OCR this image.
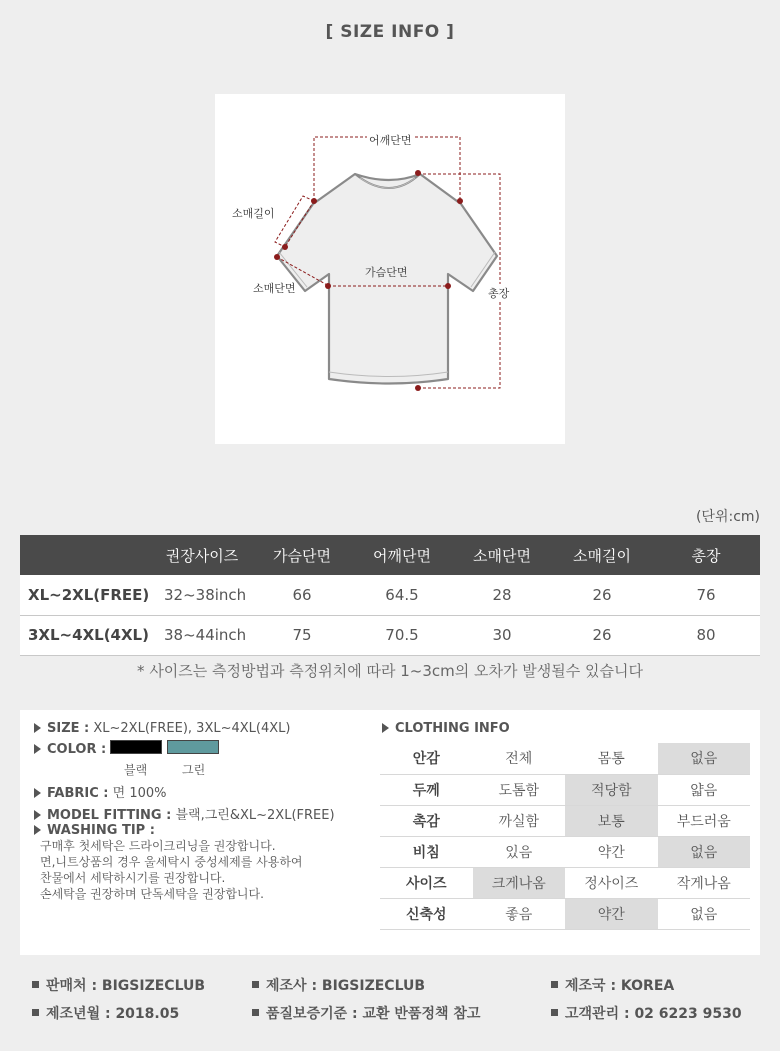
[ SIZE INFO ]
어깨단면
소매길이
가슴단면
소매단면	총장
(단위:cm)
	권장사이즈	가슴단면	어깨단면	소매단면	소매길이	총장
XL~2XL(FREE)	32~38inch	66	64.5	28	26	76
3XL~4XL(4XL)	38~44inch	75	70.5	30	26	80
* 사이즈는 측정방법과 측정위치에 따라 1~3cm의 오차가 발생될수 있습니다
SIZE : XL~2XL(FREE), 3XL~4XL(4XL)
COLOR :
블랙	그린
FABRIC : 면 100%
MODEL FITTING : 블랙,그린&XL~2XL(FREE)
WASHING TIP :
구매후 첫세탁은 드라이크리닝을 권장합니다.
면,니트상품의 경우 울세탁시 중성세제를 사용하여
찬물에서 세탁하시기를 권장합니다.
손세탁을 권장하며 단독세탁을 권장합니다.
CLOTHING INFO
안감	전체	몸통	없음
두께	도톰함	적당함	얇음
촉감	까실함	보통	부드러움
비침	있음	약간	없음
사이즈	크게나옴	정사이즈	작게나옴
신축성	좋음	약간	없음
판매처 : BIGSIZECLUB	제조사 : BIGSIZECLUB	제조국 : KOREA
제조년월 : 2018.05	품질보증기준 : 교환 반품정책 참고	고객관리 : 02 6223 9530
